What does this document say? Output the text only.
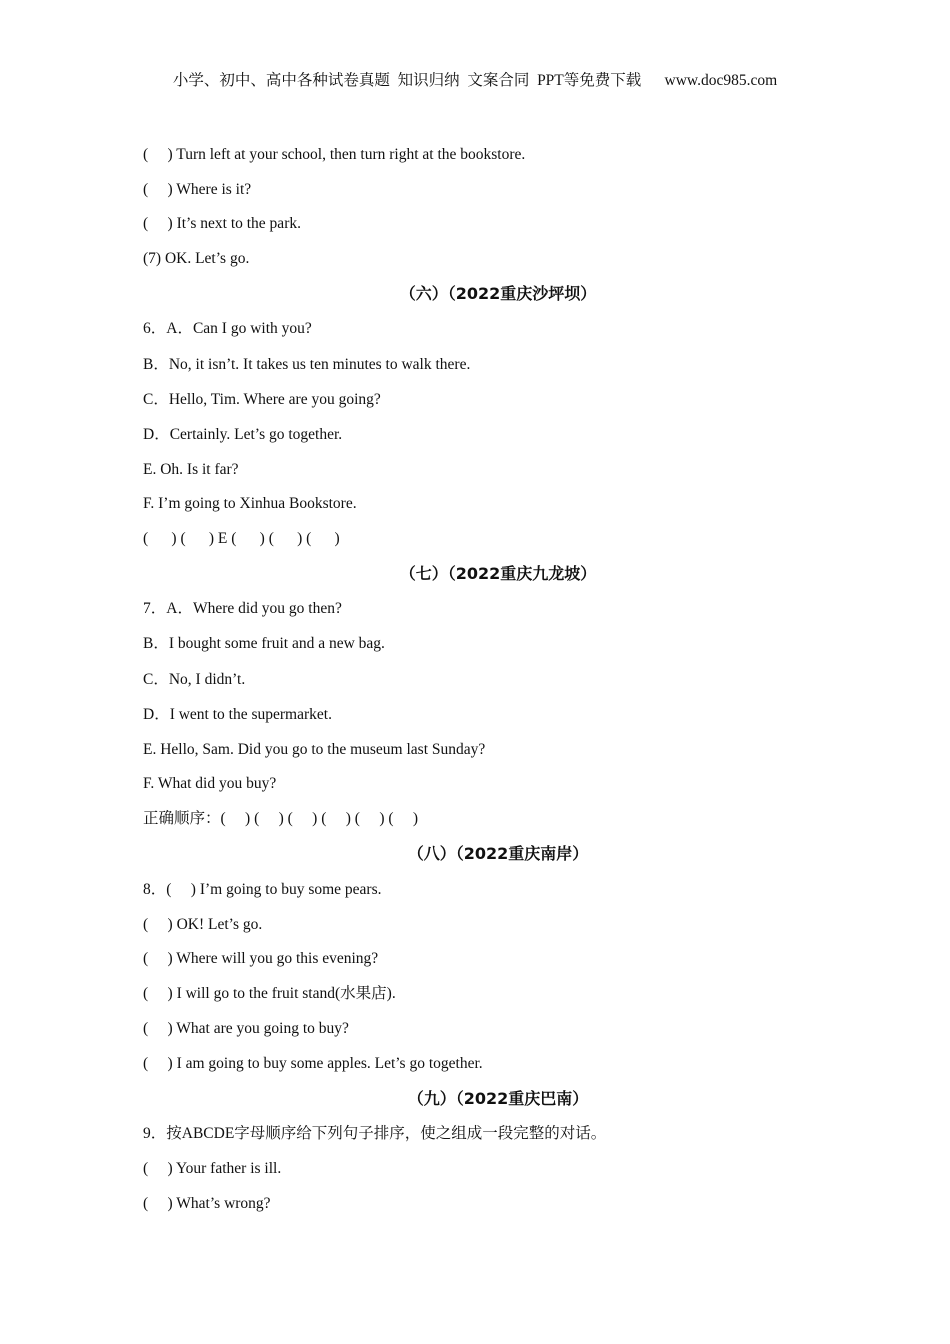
小学、初中、高中各种试卷真题  知识归纳  文案合同  PPT等免费下载      www.doc985.com
(     ) Turn left at your school, then turn right at the bookstore.
(     ) Where is it?
(     ) It’s next to the park.
(7) OK. Let’s go.
（六）（2022重庆沙坪坝）
6．A．Can I go with you?
B．No, it isn’t. It takes us ten minutes to walk there.
C．Hello, Tim. Where are you going?
D．Certainly. Let’s go together.
E. Oh. Is it far?
F. I’m going to Xinhua Bookstore.
(      ) (      ) E (      ) (      ) (      )
（七）（2022重庆九龙坡）
7．A．Where did you go then?
B．I bought some fruit and a new bag.
C．No, I didn’t.
D．I went to the supermarket.
E. Hello, Sam. Did you go to the museum last Sunday?
F. What did you buy?
正确顺序：(     ) (     ) (     ) (     ) (     ) (     )
（八）（2022重庆南岸）
8．(     ) I’m going to buy some pears.
(     ) OK! Let’s go.
(     ) Where will you go this evening?
(     ) I will go to the fruit stand(水果店).
(     ) What are you going to buy?
(     ) I am going to buy some apples. Let’s go together.
（九）（2022重庆巴南）
9．按ABCDE字母顺序给下列句子排序，使之组成一段完整的对话。
(     ) Your father is ill.
(     ) What’s wrong?
